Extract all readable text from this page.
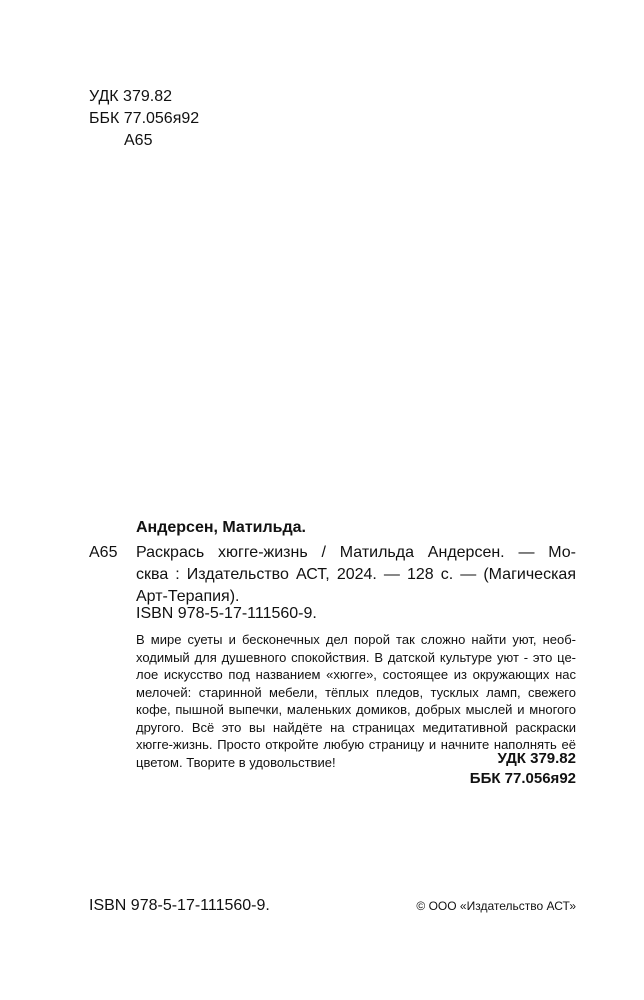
УДК 379.82
ББК 77.056я92
А65
Андерсен, Матильда.
А65 Раскрась хюгге-жизнь / Матильда Андерсен. — Мо-
сква : Издательство АСТ, 2024. — 128 с. — (Магическая
Арт-Терапия).
ISBN 978-5-17-111560-9.
В мире суеты и бесконечных дел порой так сложно найти уют, необ-
ходимый для душевного спокойствия. В датской культуре уют - это це-
лое искусство под названием «хюгге», состоящее из окружающих нас
мелочей: старинной мебели, тёплых пледов, тусклых ламп, свежего
кофе, пышной выпечки, маленьких домиков, добрых мыслей и многого
другого. Всё это вы найдёте на страницах медитативной раскраски
хюгге-жизнь. Просто откройте любую страницу и начните наполнять её
цветом. Творите в удовольствие!	УДК 379.82
ББК 77.056я92
ISBN 978-5-17-111560-9.	© ООО «Издательство АСТ»
